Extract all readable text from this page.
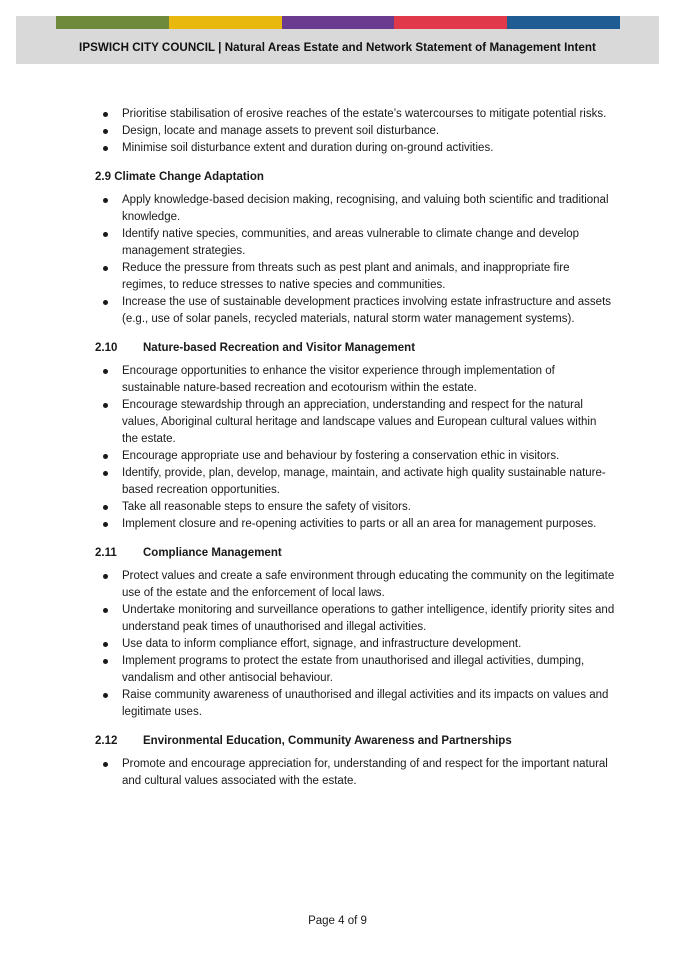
IPSWICH CITY COUNCIL | Natural Areas Estate and Network Statement of Management Intent
Prioritise stabilisation of erosive reaches of the estate’s watercourses to mitigate potential risks.
Design, locate and manage assets to prevent soil disturbance.
Minimise soil disturbance extent and duration during on-ground activities.
2.9 Climate Change Adaptation
Apply knowledge-based decision making, recognising, and valuing both scientific and traditional knowledge.
Identify native species, communities, and areas vulnerable to climate change and develop management strategies.
Reduce the pressure from threats such as pest plant and animals, and inappropriate fire regimes, to reduce stresses to native species and communities.
Increase the use of sustainable development practices involving estate infrastructure and assets (e.g., use of solar panels, recycled materials, natural storm water management systems).
2.10 Nature-based Recreation and Visitor Management
Encourage opportunities to enhance the visitor experience through implementation of sustainable nature-based recreation and ecotourism within the estate.
Encourage stewardship through an appreciation, understanding and respect for the natural values, Aboriginal cultural heritage and landscape values and European cultural values within the estate.
Encourage appropriate use and behaviour by fostering a conservation ethic in visitors.
Identify, provide, plan, develop, manage, maintain, and activate high quality sustainable nature-based recreation opportunities.
Take all reasonable steps to ensure the safety of visitors.
Implement closure and re-opening activities to parts or all an area for management purposes.
2.11 Compliance Management
Protect values and create a safe environment through educating the community on the legitimate use of the estate and the enforcement of local laws.
Undertake monitoring and surveillance operations to gather intelligence, identify priority sites and understand peak times of unauthorised and illegal activities.
Use data to inform compliance effort, signage, and infrastructure development.
Implement programs to protect the estate from unauthorised and illegal activities, dumping, vandalism and other antisocial behaviour.
Raise community awareness of unauthorised and illegal activities and its impacts on values and legitimate uses.
2.12 Environmental Education, Community Awareness and Partnerships
Promote and encourage appreciation for, understanding of and respect for the important natural and cultural values associated with the estate.
Page 4 of 9
